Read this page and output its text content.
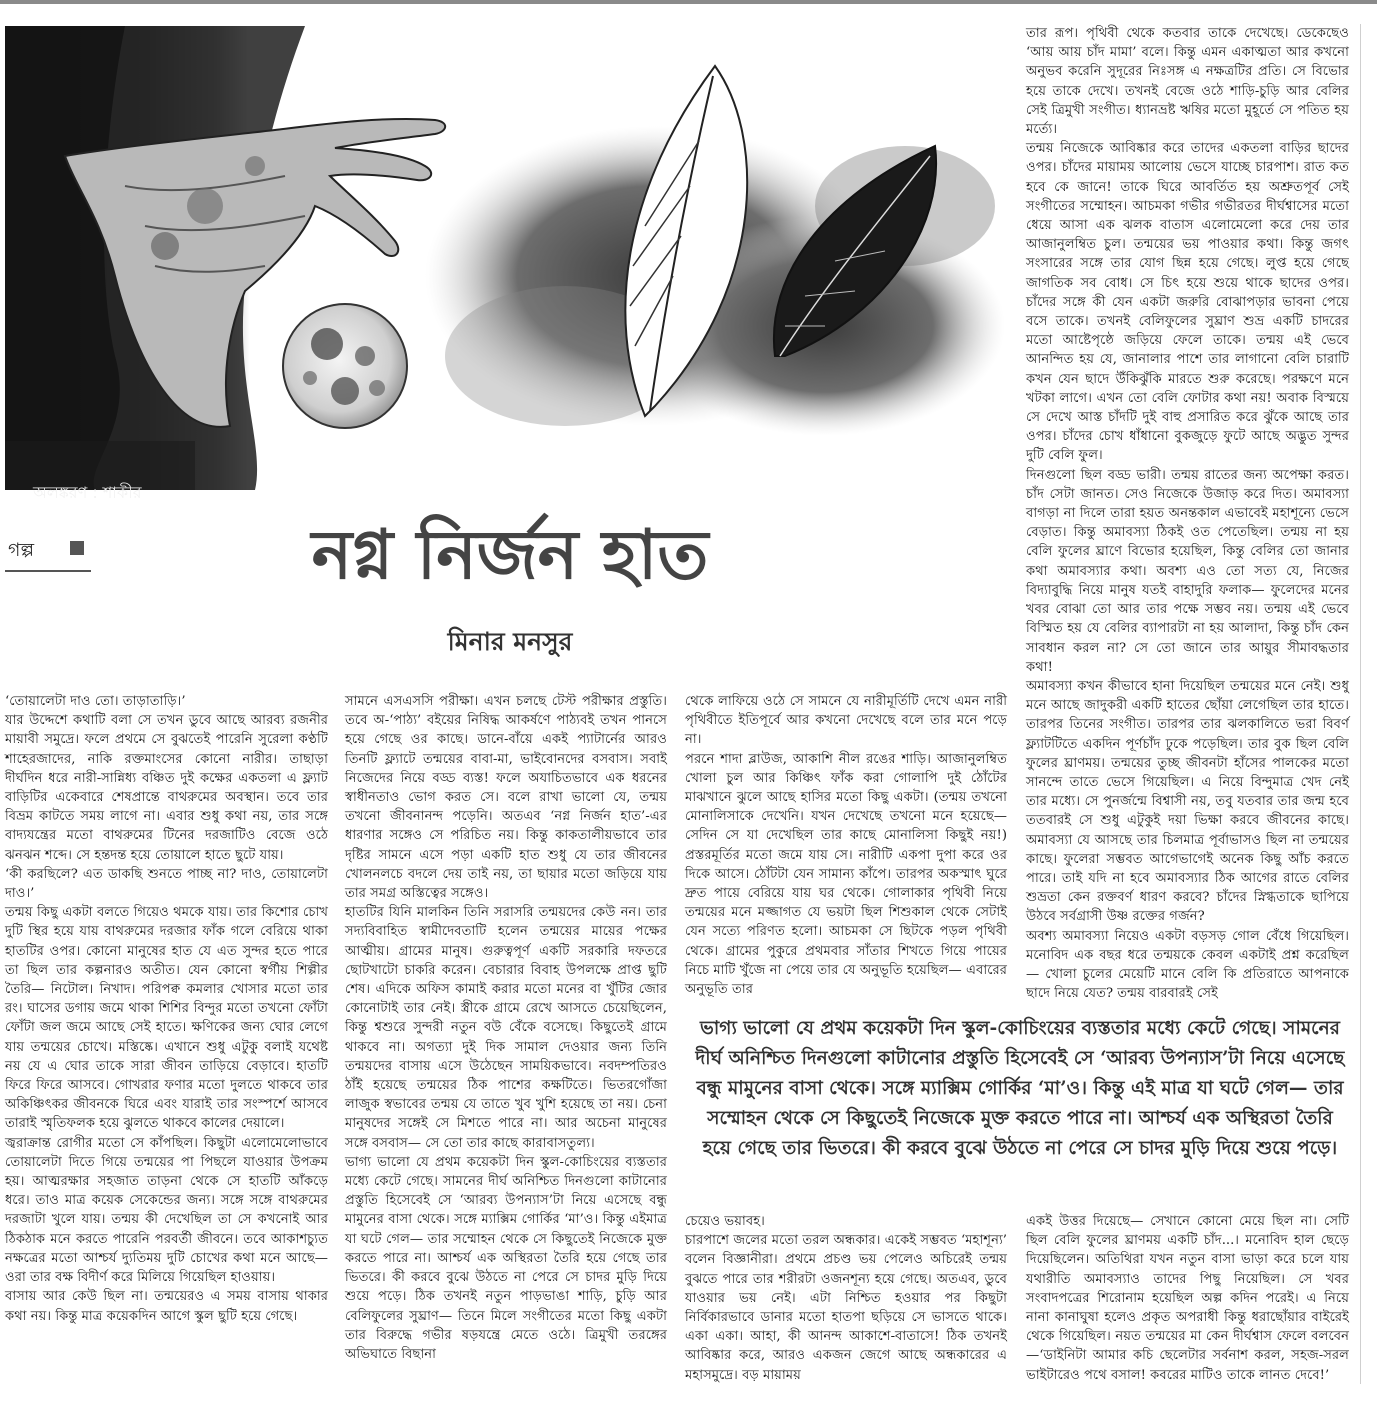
অলঙ্করণ : শাকীর
গল্প	নগ্ন নির্জন হাত
মিনার মনসুর

‘তোয়ালেটা দাও তো। তাড়াতাড়ি।’

যার উদ্দেশে কথাটি বলা সে তখন ডুবে আছে আরব্য রজনীর মায়াবী সমুদ্রে। ফলে প্রথমে সে বুঝতেই পারেনি সুরেলা কণ্ঠটি শাহেরজাদের, নাকি রক্তমাংসের কোনো নারীর। তাছাড়া দীর্ঘদিন ধরে নারী-সান্নিধ্য বঞ্চিত দুই কক্ষের একতলা এ ফ্ল্যাট বাড়িটির একেবারে শেষপ্রান্তে বাথরুমের অবস্থান। তবে তার বিভ্রম কাটতে সময় লাগে না। এবার শুধু কথা নয়, তার সঙ্গে বাদ্যযন্ত্রের মতো বাথরুমের টিনের দরজাটিও বেজে ওঠে ঝনঝন শব্দে। সে হন্তদন্ত হয়ে তোয়ালে হাতে ছুটে যায়।

‘কী করছিলে? এত ডাকছি শুনতে পাচ্ছ না? দাও, তোয়ালেটা দাও।’

তন্ময় কিছু একটা বলতে গিয়েও থমকে যায়। তার কিশোর চোখ দুটি স্থির হয়ে যায় বাথরুমের দরজার ফাঁক গলে বেরিয়ে থাকা হাতটির ওপর। কোনো মানুষের হাত যে এত সুন্দর হতে পারে তা ছিল তার কল্পনারও অতীত। যেন কোনো স্বর্গীয় শিল্পীর তৈরি— নিটোল। নিখাদ। পরিপক্ব কমলার খোসার মতো তার রং। ঘাসের ডগায় জমে থাকা শিশির বিন্দুর মতো তখনো ফোঁটা ফোঁটা জল জমে আছে সেই হাতে। ক্ষণিকের জন্য ঘোর লেগে যায় তন্ময়ের চোখে। মস্তিষ্কে। এখানে শুধু এটুকু বলাই যথেষ্ট নয় যে এ ঘোর তাকে সারা জীবন তাড়িয়ে বেড়াবে। হাতটি ফিরে ফিরে আসবে। গোখরার ফণার মতো দুলতে থাকবে তার অকিঞ্চিৎকর জীবনকে ঘিরে এবং যারাই তার সংস্পর্শে আসবে তারাই স্মৃতিফলক হয়ে ঝুলতে থাকবে কালের দেয়ালে।

জ্বরাক্রান্ত রোগীর মতো সে কাঁপছিল। কিছুটা এলোমেলোভাবে তোয়ালেটা দিতে গিয়ে তন্ময়ের পা পিছলে যাওয়ার উপক্রম হয়। আত্মরক্ষার সহজাত তাড়না থেকে সে হাতটি আঁকড়ে ধরে। তাও মাত্র কয়েক সেকেন্ডের জন্য। সঙ্গে সঙ্গে বাথরুমের দরজাটা খুলে যায়। তন্ময় কী দেখেছিল তা সে কখনোই আর ঠিকঠাক মনে করতে পারেনি পরবর্তী জীবনে। তবে আকাশচ্যুত নক্ষত্রের মতো আশ্চর্য দ্যুতিময় দুটি চোখের কথা মনে আছে— ওরা তার বক্ষ বিদীর্ণ করে মিলিয়ে গিয়েছিল হাওয়ায়।

বাসায় আর কেউ ছিল না। তন্ময়েরও এ সময় বাসায় থাকার কথা নয়। কিন্তু মাত্র কয়েকদিন আগে স্কুল ছুটি হয়ে গেছে।

সামনে এসএসসি পরীক্ষা। এখন চলছে টেস্ট পরীক্ষার প্রস্তুতি। তবে অ-‘পাঠ্য’ বইয়ের নিষিদ্ধ আকর্ষণে পাঠ্যবই তখন পানসে হয়ে গেছে ওর কাছে। ডানে-বাঁয়ে একই প্যাটার্নের আরও তিনটি ফ্ল্যাটে তন্ময়ের বাবা-মা, ভাইবোনদের বসবাস। সবাই নিজেদের নিয়ে বড্ড ব্যস্ত! ফলে অযাচিতভাবে এক ধরনের স্বাধীনতাও ভোগ করত সে। বলে রাখা ভালো যে, তন্ময় তখনো জীবনানন্দ পড়েনি। অতএব ‘নগ্ন নির্জন হাত’-এর ধারণার সঙ্গেও সে পরিচিত নয়। কিন্তু কাকতালীয়ভাবে তার দৃষ্টির সামনে এসে পড়া একটি হাত শুধু যে তার জীবনের খোলনলচে বদলে দেয় তাই নয়, তা ছায়ার মতো জড়িয়ে যায় তার সমগ্র অস্তিত্বের সঙ্গেও।

হাতটির যিনি মালকিন তিনি সরাসরি তন্ময়দের কেউ নন। তার সদ্যবিবাহিত স্বামীদেবতাটি হলেন তন্ময়ের মায়ের পক্ষের আত্মীয়। গ্রামের মানুষ। গুরুত্বপূর্ণ একটি সরকারি দফতরে ছোটখাটো চাকরি করেন। বেচারার বিবাহ উপলক্ষে প্রাপ্ত ছুটি শেষ। এদিকে অফিস কামাই করার মতো মনের বা খুঁটির জোর কোনোটাই তার নেই। স্ত্রীকে গ্রামে রেখে আসতে চেয়েছিলেন, কিন্তু শ্বশুরে সুন্দরী নতুন বউ বেঁকে বসেছে। কিছুতেই গ্রামে থাকবে না। অগত্যা দুই দিক সামাল দেওয়ার জন্য তিনি তন্ময়দের বাসায় এসে উঠেছেন সাময়িকভাবে। নবদম্পতিরও ঠাঁই হয়েছে তন্ময়ের ঠিক পাশের কক্ষটিতে। ভিতরগোঁজা লাজুক স্বভাবের তন্ময় যে তাতে খুব খুশি হয়েছে তা নয়। চেনা মানুষদের সঙ্গেই সে মিশতে পারে না। আর অচেনা মানুষের সঙ্গে বসবাস— সে তো তার কাছে কারাবাসতুল্য।

ভাগ্য ভালো যে প্রথম কয়েকটা দিন স্কুল-কোচিংয়ের ব্যস্ততার মধ্যে কেটে গেছে। সামনের দীর্ঘ অনিশ্চিত দিনগুলো কাটানোর প্রস্তুতি হিসেবেই সে ‘আরব্য উপন্যাস’টা নিয়ে এসেছে বন্ধু মামুনের বাসা থেকে। সঙ্গে ম্যাক্সিম গোর্কির ‘মা’ও। কিন্তু এইমাত্র যা ঘটে গেল— তার সম্মোহন থেকে সে কিছুতেই নিজেকে মুক্ত করতে পারে না। আশ্চর্য এক অস্থিরতা তৈরি হয়ে গেছে তার ভিতরে। কী করবে বুঝে উঠতে না পেরে সে চাদর মুড়ি দিয়ে শুয়ে পড়ে। ঠিক তখনই নতুন পাড়ভাঙা শাড়ি, চুড়ি আর বেলিফুলের সুঘ্রাণ— তিনে মিলে সংগীতের মতো কিছু একটা তার বিরুদ্ধে গভীর ষড়যন্ত্রে মেতে ওঠে। ত্রিমুখী তরঙ্গের অভিঘাতে বিছানা

থেকে লাফিয়ে ওঠে সে সামনে যে নারীমূর্তিটি দেখে এমন নারী পৃথিবীতে ইতিপূর্বে আর কখনো দেখেছে বলে তার মনে পড়ে না।

পরনে শাদা ব্লাউজ, আকাশি নীল রঙের শাড়ি। আজানুলম্বিত খোলা চুল আর কিঞ্চিৎ ফাঁক করা গোলাপি দুই ঠোঁটের মাঝখানে ঝুলে আছে হাসির মতো কিছু একটা। (তন্ময় তখনো মোনালিসাকে দেখেনি। যখন দেখেছে তখনো মনে হয়েছে— সেদিন সে যা দেখেছিল তার কাছে মোনালিসা কিছুই নয়!) প্রস্তরমূর্তির মতো জমে যায় সে। নারীটি একপা দুপা করে ওর দিকে আসে। ঠোঁটটা যেন সামান্য কাঁপে। তারপর অকস্মাৎ ঘুরে দ্রুত পায়ে বেরিয়ে যায় ঘর থেকে। গোলাকার পৃথিবী নিয়ে তন্ময়ের মনে মজ্জাগত যে ভয়টা ছিল শিশুকাল থেকে সেটাই যেন সত্যে পরিণত হলো। আচমকা সে ছিটকে পড়ল পৃথিবী থেকে। গ্রামের পুকুরে প্রথমবার সাঁতার শিখতে গিয়ে পায়ের নিচে মাটি খুঁজে না পেয়ে তার যে অনুভূতি হয়েছিল— এবারের অনুভূতি তার

ভাগ্য ভালো যে প্রথম কয়েকটা দিন স্কুল-কোচিংয়ের ব্যস্ততার মধ্যে কেটে গেছে। সামনের দীর্ঘ অনিশ্চিত দিনগুলো কাটানোর প্রস্তুতি হিসেবেই সে ‘আরব্য উপন্যাস’টা নিয়ে এসেছে বন্ধু মামুনের বাসা থেকে। সঙ্গে ম্যাক্সিম গোর্কির ‘মা’ও। কিন্তু এই মাত্র যা ঘটে গেল— তার সম্মোহন থেকে সে কিছুতেই নিজেকে মুক্ত করতে পারে না। আশ্চর্য এক অস্থিরতা তৈরি হয়ে গেছে তার ভিতরে। কী করবে বুঝে উঠতে না পেরে সে চাদর মুড়ি দিয়ে শুয়ে পড়ে।

চেয়েও ভয়াবহ।

চারপাশে জলের মতো তরল অন্ধকার। একেই সম্ভবত ‘মহাশূন্য’ বলেন বিজ্ঞানীরা। প্রথমে প্রচণ্ড ভয় পেলেও অচিরেই তন্ময় বুঝতে পারে তার শরীরটা ওজনশূন্য হয়ে গেছে। অতএব, ডুবে যাওয়ার ভয় নেই। এটা নিশ্চিত হওয়ার পর কিছুটা নির্বিকারভাবে ডানার মতো হাতপা ছড়িয়ে সে ভাসতে থাকে। একা একা। আহা, কী আনন্দ আকাশে-বাতাসে! ঠিক তখনই আবিষ্কার করে, আরও একজন জেগে আছে অন্ধকারের এ মহাসমুদ্রে। বড় মায়াময়

তার রূপ। পৃথিবী থেকে কতবার তাকে দেখেছে। ডেকেছেও ‘আয় আয় চাঁদ মামা’ বলে। কিন্তু এমন একাত্মতা আর কখনো অনুভব করেনি সুদূরের নিঃসঙ্গ এ নক্ষত্রটির প্রতি। সে বিভোর হয়ে তাকে দেখে। তখনই বেজে ওঠে শাড়ি-চুড়ি আর বেলির সেই ত্রিমুখী সংগীত। ধ্যানভ্রষ্ট ঋষির মতো মুহূর্তে সে পতিত হয় মর্ত্যে।

তন্ময় নিজেকে আবিষ্কার করে তাদের একতলা বাড়ির ছাদের ওপর। চাঁদের মায়াময় আলোয় ভেসে যাচ্ছে চারপাশ। রাত কত হবে কে জানে! তাকে ঘিরে আবর্তিত হয় অশ্রুতপূর্ব সেই সংগীতের সম্মোহন। আচমকা গভীর গভীরতর দীর্ঘশ্বাসের মতো ধেয়ে আসা এক ঝলক বাতাস এলোমেলো করে দেয় তার আজানুলম্বিত চুল। তন্ময়ের ভয় পাওয়ার কথা। কিন্তু জগৎ সংসারের সঙ্গে তার যোগ ছিন্ন হয়ে গেছে। লুপ্ত হয়ে গেছে জাগতিক সব বোধ। সে চিৎ হয়ে শুয়ে থাকে ছাদের ওপর। চাঁদের সঙ্গে কী যেন একটা জরুরি বোঝাপড়ার ভাবনা পেয়ে বসে তাকে। তখনই বেলিফুলের সুঘ্রাণ শুভ্র একটি চাদরের মতো আষ্টেপৃষ্ঠে জড়িয়ে ফেলে তাকে। তন্ময় এই ভেবে আনন্দিত হয় যে, জানালার পাশে তার লাগানো বেলি চারাটি কখন যেন ছাদে উঁকিঝুঁকি মারতে শুরু করেছে। পরক্ষণে মনে খটকা লাগে। এখন তো বেলি ফোটার কথা নয়! অবাক বিস্ময়ে সে দেখে আস্ত চাঁদটি দুই বাহু প্রসারিত করে ঝুঁকে আছে তার ওপর। চাঁদের চোখ ধাঁধানো বুকজুড়ে ফুটে আছে অদ্ভুত সুন্দর দুটি বেলি ফুল।

দিনগুলো ছিল বড্ড ভারী। তন্ময় রাতের জন্য অপেক্ষা করত। চাঁদ সেটা জানত। সেও নিজেকে উজাড় করে দিত। অমাবস্যা বাগড়া না দিলে তারা হয়ত অনন্তকাল এভাবেই মহাশূন্যে ভেসে বেড়াত। কিন্তু অমাবস্যা ঠিকই ওত পেতেছিল। তন্ময় না হয় বেলি ফুলের ঘ্রাণে বিভোর হয়েছিল, কিন্তু বেলির তো জানার কথা অমাবস্যার কথা। অবশ্য এও তো সত্য যে, নিজের বিদ্যাবুদ্ধি নিয়ে মানুষ যতই বাহাদুরি ফলাক— ফুলেদের মনের খবর বোঝা তো আর তার পক্ষে সম্ভব নয়। তন্ময় এই ভেবে বিস্মিত হয় যে বেলির ব্যাপারটা না হয় আলাদা, কিন্তু চাঁদ কেন সাবধান করল না? সে তো জানে তার আয়ুর সীমাবদ্ধতার কথা!

অমাবস্যা কখন কীভাবে হানা দিয়েছিল তন্ময়ের মনে নেই। শুধু মনে আছে জাদুকরী একটি হাতের ছোঁয়া লেগেছিল তার হাতে। তারপর তিনের সংগীত। তারপর তার ঝলকালিতে ভরা বিবর্ণ ফ্ল্যাটটিতে একদিন পূর্ণচাঁদ ঢুকে পড়েছিল। তার বুক ছিল বেলি ফুলের ঘ্রাণময়। তন্ময়ের তুচ্ছ জীবনটা হাঁসের পালকের মতো সানন্দে তাতে ভেসে গিয়েছিল। এ নিয়ে বিন্দুমাত্র খেদ নেই তার মধ্যে। সে পুনর্জন্মে বিশ্বাসী নয়, তবু যতবার তার জন্ম হবে ততবারই সে শুধু এটুকুই দয়া ভিক্ষা করবে জীবনের কাছে। অমাবস্যা যে আসছে তার চিলমাত্র পূর্বাভাসও ছিল না তন্ময়ের কাছে। ফুলেরা সম্ভবত আগেভাগেই অনেক কিছু আঁচ করতে পারে। তাই যদি না হবে অমাবস্যার ঠিক আগের রাতে বেলির শুভ্রতা কেন রক্তবর্ণ ধারণ করবে? চাঁদের স্নিগ্ধতাকে ছাপিয়ে উঠবে সর্বগ্রাসী উষ্ণ রক্তের গর্জন?

অবশ্য অমাবস্যা নিয়েও একটা বড়সড় গোল বেঁধে গিয়েছিল। মনোবিদ এক বছর ধরে তন্ময়কে কেবল একটাই প্রশ্ন করেছিল— খোলা চুলের মেয়েটি মানে বেলি কি প্রতিরাতে আপনাকে ছাদে নিয়ে যেত? তন্ময় বারবারই সেই

একই উত্তর দিয়েছে— সেখানে কোনো মেয়ে ছিল না। সেটি ছিল বেলি ফুলের ঘ্রাণময় একটি চাঁদ...। মনোবিদ হাল ছেড়ে দিয়েছিলেন। অতিথিরা যখন নতুন বাসা ভাড়া করে চলে যায় যথারীতি অমাবস্যাও তাদের পিছু নিয়েছিল। সে খবর সংবাদপত্রের শিরোনাম হয়েছিল অল্প কদিন পরেই। এ নিয়ে নানা কানাঘুষা হলেও প্রকৃত অপরাধী কিন্তু ধরাছোঁয়ার বাইরেই থেকে গিয়েছিল। নয়ত তন্ময়ের মা কেন দীর্ঘশ্বাস ফেলে বলবেন—‘ডাইনিটা আমার কচি ছেলেটার সর্বনাশ করল, সহজ-সরল ভাইটারেও পথে বসাল! কবরের মাটিও তাকে লানত দেবে!’
